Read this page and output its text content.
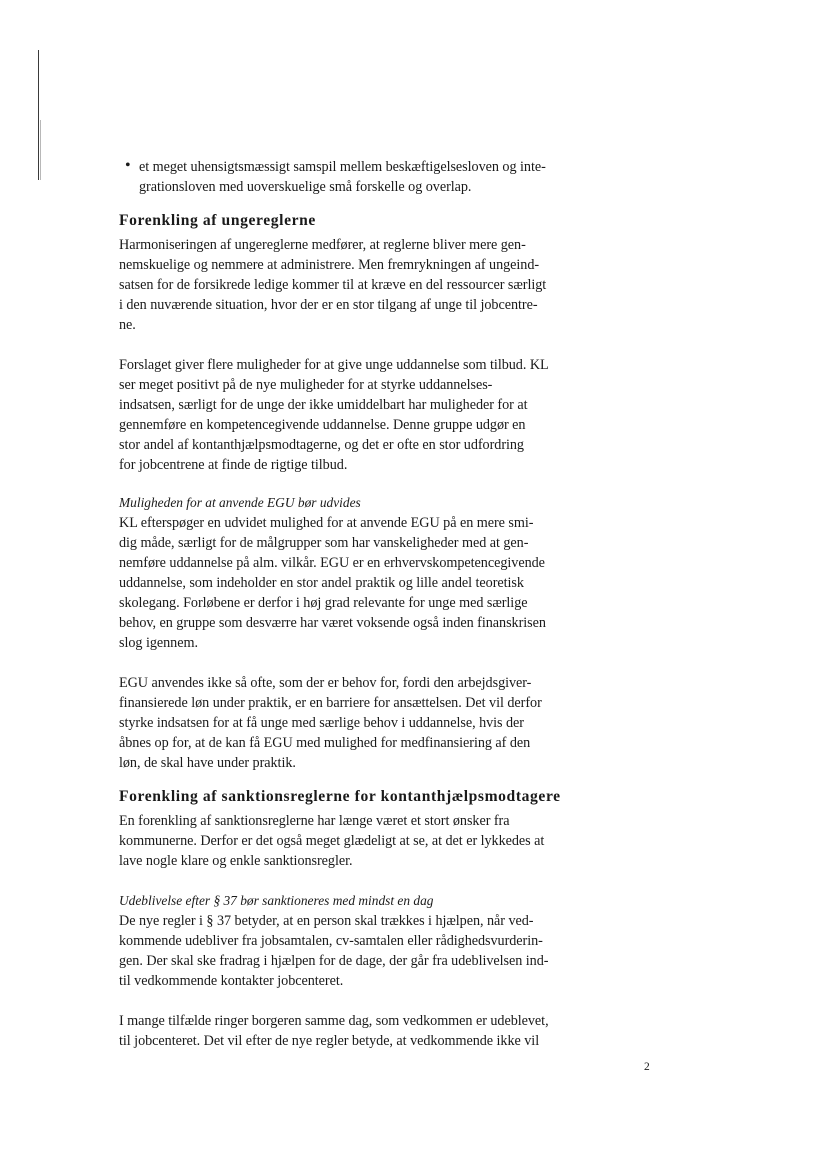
• et meget uhensigtsmæssigt samspil mellem beskæftigelsesloven og inte-
grationsloven med uoverskuelige små forskelle og overlap.
Forenkling af ungereglerne
Harmoniseringen af ungereglerne medfører, at reglerne bliver mere gen-
nemskuelige og nemmere at administrere. Men fremrykningen af ungeind-
satsen for de forsikrede ledige kommer til at kræve en del ressourcer særligt
i den nuværende situation, hvor der er en stor tilgang af unge til jobcentre-
ne.
Forslaget giver flere muligheder for at give unge uddannelse som tilbud. KL
ser meget positivt på de nye muligheder for at styrke uddannelses-
indsatsen, særligt for de unge der ikke umiddelbart har muligheder for at
gennemføre en kompetencegivende uddannelse. Denne gruppe udgør en
stor andel af kontanthjælpsmodtagerne, og det er ofte en stor udfordring
for jobcentrene at finde de rigtige tilbud.
Muligheden for at anvende EGU bør udvides
KL efterspøger en udvidet mulighed for at anvende EGU på en mere smi-
dig måde, særligt for de målgrupper som har vanskeligheder med at gen-
nemføre uddannelse på alm. vilkår. EGU er en erhvervskompetencegivende
uddannelse, som indeholder en stor andel praktik og lille andel teoretisk
skolegang. Forløbene er derfor i høj grad relevante for unge med særlige
behov, en gruppe som desværre har været voksende også inden finanskrisen
slog igennem.
EGU anvendes ikke så ofte, som der er behov for, fordi den arbejdsgiver-
finansierede løn under praktik, er en barriere for ansættelsen. Det vil derfor
styrke indsatsen for at få unge med særlige behov i uddannelse, hvis der
åbnes op for, at de kan få EGU med mulighed for medfinansiering af den
løn, de skal have under praktik.
Forenkling af sanktionsreglerne for kontanthjælpsmodtagere
En forenkling af sanktionsreglerne har længe været et stort ønsker fra
kommunerne. Derfor er det også meget glædeligt at se, at det er lykkedes at
lave nogle klare og enkle sanktionsregler.
Udeblivelse efter § 37 bør sanktioneres med mindst en dag
De nye regler i § 37 betyder, at en person skal trækkes i hjælpen, når ved-
kommende udebliver fra jobsamtalen, cv-samtalen eller rådighedsvurderin-
gen. Der skal ske fradrag i hjælpen for de dage, der går fra udeblivelsen ind-
til vedkommende kontakter jobcenteret.
I mange tilfælde ringer borgeren samme dag, som vedkommen er udeblevet,
til jobcenteret. Det vil efter de nye regler betyde, at vedkommende ikke vil
2
